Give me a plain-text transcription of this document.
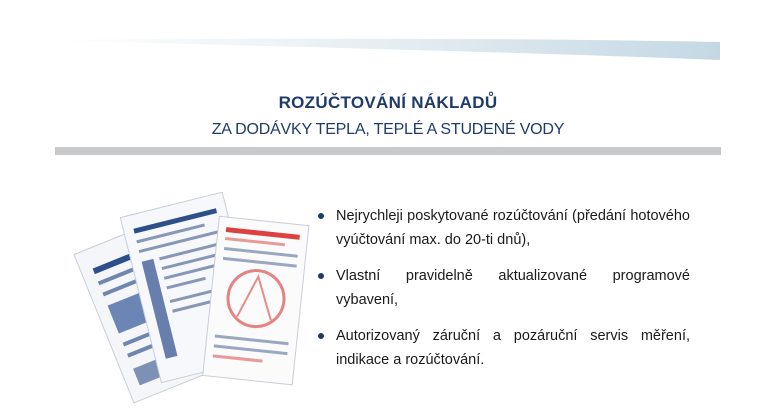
ROZÚČTOVÁNÍ NÁKLADŮ
ZA DODÁVKY TEPLA, TEPLÉ A STUDENÉ VODY
Nejrychleji poskytované rozúčtování (předání hotového vyúčtování max. do 20-ti dnů),
Vlastní pravidelně aktualizované programové vybavení,
Autorizovaný záruční a pozáruční servis měření, indikace a rozúčtování.
